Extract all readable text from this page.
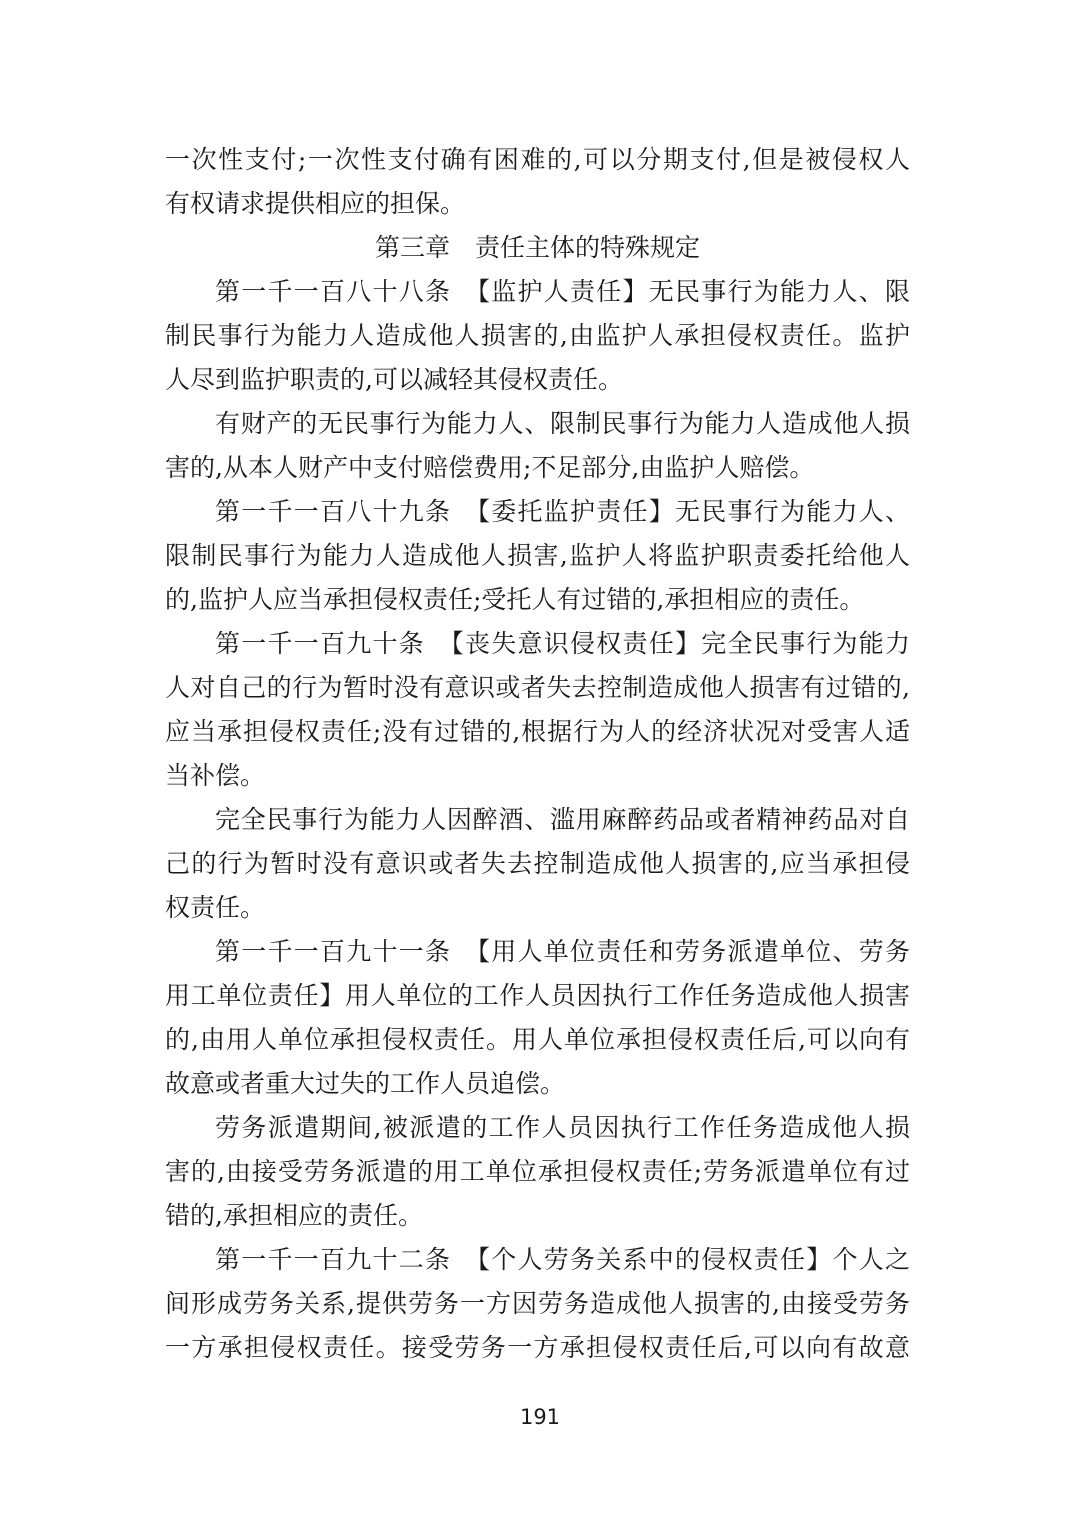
一次性支付;一次性支付确有困难的,可以分期支付,但是被侵权人
有权请求提供相应的担保。
第三章　责任主体的特殊规定
第一千一百八十八条　【监护人责任】无民事行为能力人、限
制民事行为能力人造成他人损害的,由监护人承担侵权责任。监护
人尽到监护职责的,可以减轻其侵权责任。
有财产的无民事行为能力人、限制民事行为能力人造成他人损
害的,从本人财产中支付赔偿费用;不足部分,由监护人赔偿。
第一千一百八十九条　【委托监护责任】无民事行为能力人、
限制民事行为能力人造成他人损害,监护人将监护职责委托给他人
的,监护人应当承担侵权责任;受托人有过错的,承担相应的责任。
第一千一百九十条　【丧失意识侵权责任】完全民事行为能力
人对自己的行为暂时没有意识或者失去控制造成他人损害有过错的,
应当承担侵权责任;没有过错的,根据行为人的经济状况对受害人适
当补偿。
完全民事行为能力人因醉酒、滥用麻醉药品或者精神药品对自
己的行为暂时没有意识或者失去控制造成他人损害的,应当承担侵
权责任。
第一千一百九十一条　【用人单位责任和劳务派遣单位、劳务
用工单位责任】用人单位的工作人员因执行工作任务造成他人损害
的,由用人单位承担侵权责任。用人单位承担侵权责任后,可以向有
故意或者重大过失的工作人员追偿。
劳务派遣期间,被派遣的工作人员因执行工作任务造成他人损
害的,由接受劳务派遣的用工单位承担侵权责任;劳务派遣单位有过
错的,承担相应的责任。
第一千一百九十二条　【个人劳务关系中的侵权责任】个人之
间形成劳务关系,提供劳务一方因劳务造成他人损害的,由接受劳务
一方承担侵权责任。接受劳务一方承担侵权责任后,可以向有故意
191
